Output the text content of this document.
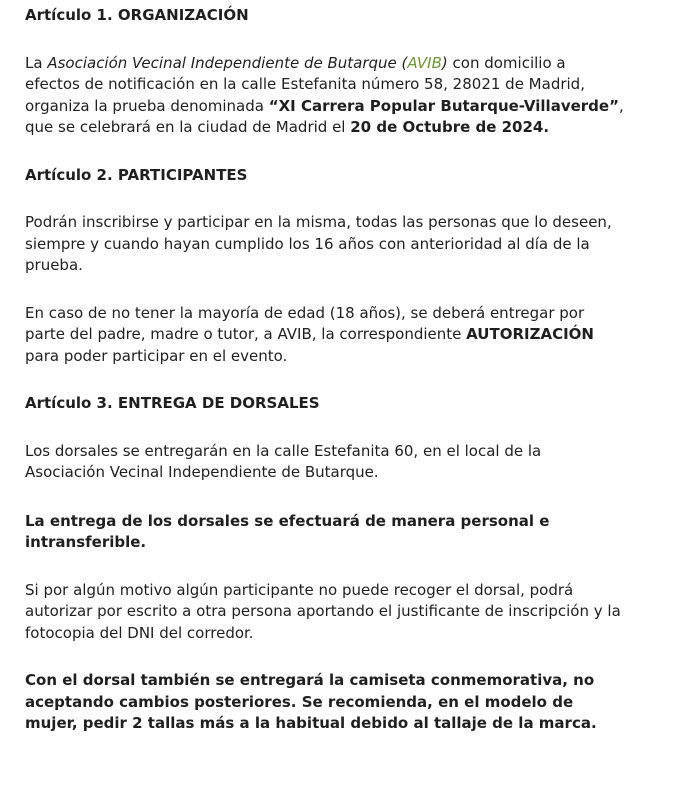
Artículo 1. ORGANIZACIÓN

La Asociación Vecinal Independiente de Butarque (AVIB) con domicilio a efectos de notificación en la calle Estefanita número 58, 28021 de Madrid, organiza la prueba denominada “XI Carrera Popular Butarque-Villaverde”, que se celebrará en la ciudad de Madrid el 20 de Octubre de 2024.

Artículo 2. PARTICIPANTES

Podrán inscribirse y participar en la misma, todas las personas que lo deseen, siempre y cuando hayan cumplido los 16 años con anterioridad al día de la prueba.

En caso de no tener la mayoría de edad (18 años), se deberá entregar por parte del padre, madre o tutor, a AVIB, la correspondiente AUTORIZACIÓN para poder participar en el evento.

Artículo 3. ENTREGA DE DORSALES

Los dorsales se entregarán en la calle Estefanita 60, en el local de la Asociación Vecinal Independiente de Butarque.

La entrega de los dorsales se efectuará de manera personal e intransferible.

Si por algún motivo algún participante no puede recoger el dorsal, podrá autorizar por escrito a otra persona aportando el justificante de inscripción y la fotocopia del DNI del corredor.

Con el dorsal también se entregará la camiseta conmemorativa, no aceptando cambios posteriores. Se recomienda, en el modelo de mujer, pedir 2 tallas más a la habitual debido al tallaje de la marca.
